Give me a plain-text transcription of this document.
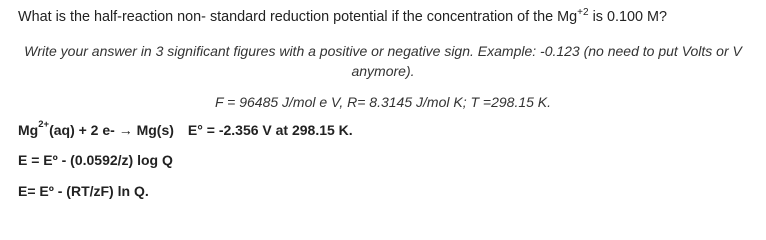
What is the half-reaction non- standard reduction potential if the concentration of the $Mg^{+2}$ is 0.100 M?
Write your answer in 3 significant figures with a positive or negative sign. Example: -0.123 (no need to put Volts or V anymore).
F = 96485 J/mol e V, R= 8.3145 J/mol K; T =298.15 K.
$Mg^{2+}(aq) + 2$ e- → Mg(s) E° = -2.356 V at 298.15 K.
E = Eº - (0.0592/z) log Q
E= Eº - (RT/zF) ln Q.
